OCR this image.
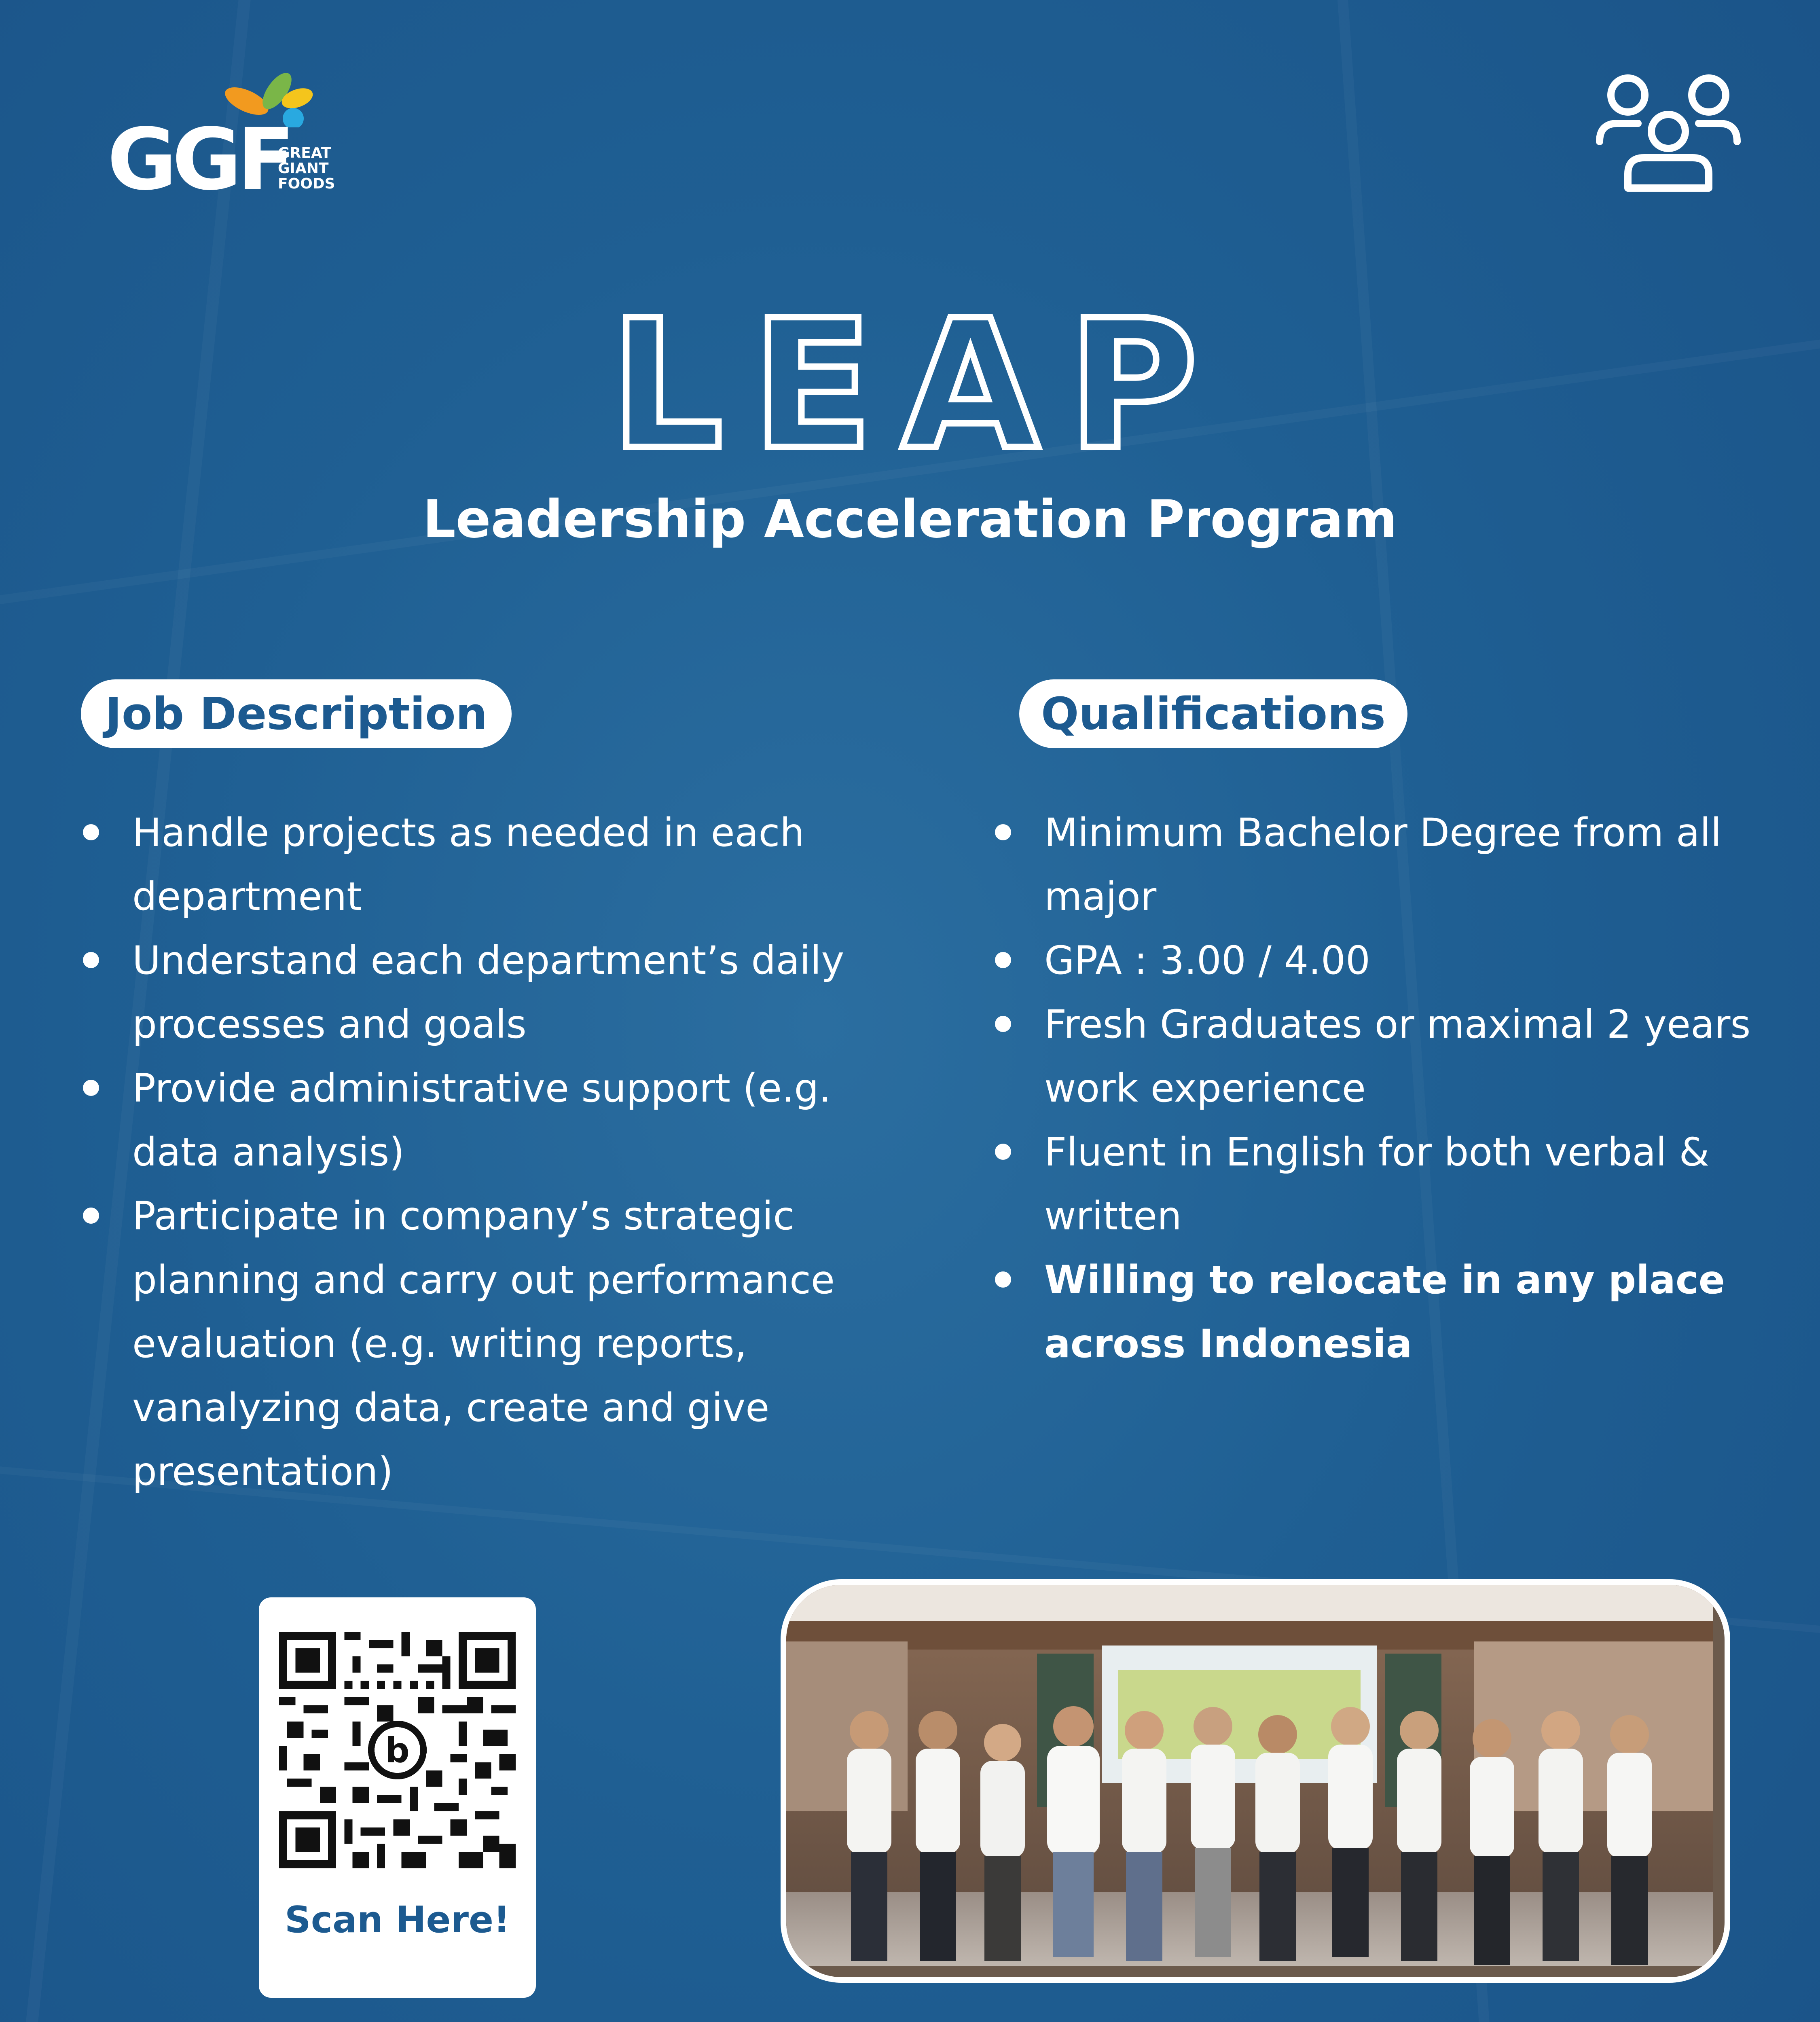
GGF
GREAT
GIANT
FOODS
LEAP
Leadership Acceleration Program
Job Description	Qualifications
Handle projects as needed in each department
Understand each department’s daily processes and goals
Provide administrative support (e.g. data analysis)
Participate in company’s strategic planning and carry out performance evaluation (e.g. writing reports, vanalyzing data, create and give presentation)
Minimum Bachelor Degree from all major
GPA : 3.00 / 4.00
Fresh Graduates or maximal 2 years work experience
Fluent in English for both verbal & written
Willing to relocate in any place across Indonesia
b
Scan Here!
